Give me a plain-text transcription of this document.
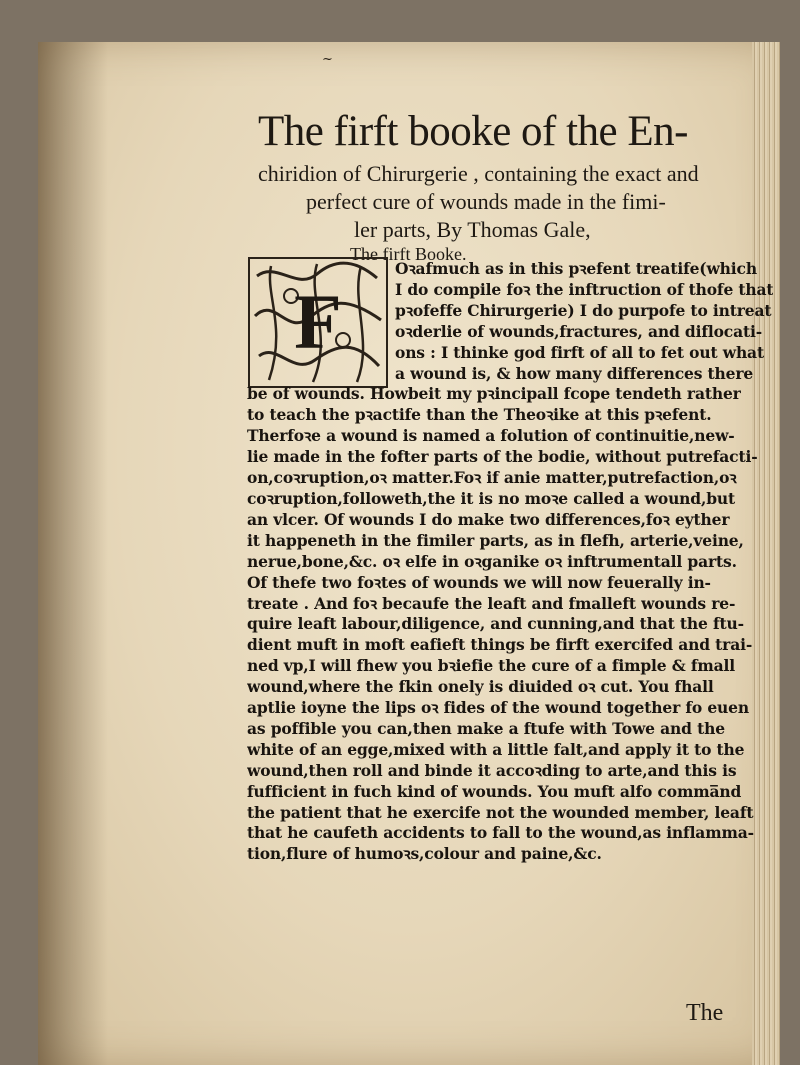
~
The firft booke of the En-
chiridion of Chirurgerie , containing the exact and
perfect cure of wounds made in the fimi-
ler parts, By Thomas Gale,
The firft Booke.
F
Oꝛafmuch as in this pꝛefent treatife(which
I do compile foꝛ the inftruction of thofe that
pꝛofeffe Chirurgerie) I do purpofe to intreat
oꝛderlie of wounds,fractures, and diflocati-
ons : I thinke god firft of all to fet out what
a wound is, & how many differences there
be of wounds. Howbeit my pꝛincipall fcope tendeth rather
to teach the pꝛactife than the Theoꝛike at this pꝛefent.
Therfoꝛe a wound is named a folution of continuitie,new-
lie made in the fofter parts of the bodie, without putrefacti-
on,coꝛruption,oꝛ matter.Foꝛ if anie matter,putrefaction,oꝛ
coꝛruption,followeth,the it is no moꝛe called a wound,but
an vlcer. Of wounds I do make two differences,foꝛ eyther
it happeneth in the fimiler parts, as in flefh, arterie,veine,
nerue,bone,&c. oꝛ elfe in oꝛganike oꝛ inftrumentall parts.
Of thefe two foꝛtes of wounds we will now feuerally in-
treate . And foꝛ becaufe the leaft and fmalleft wounds re-
quire leaft labour,diligence, and cunning,and that the ftu-
dient muft in moft eafieft things be firft exercifed and trai-
ned vp,I will fhew you bꝛiefie the cure of a fimple & fmall
wound,where the fkin onely is diuided oꝛ cut. You fhall
aptlie ioyne the lips oꝛ fides of the wound together fo euen
as poffible you can,then make a ftufe with Towe and the
white of an egge,mixed with a little falt,and apply it to the
wound,then roll and binde it accoꝛding to arte,and this is
fufficient in fuch kind of wounds. You muft alfo comma̅nd
the patient that he exercife not the wounded member, leaft
that he caufeth accidents to fall to the wound,as inflamma-
tion,flure of humoꝛs,colour and paine,&c.
The
